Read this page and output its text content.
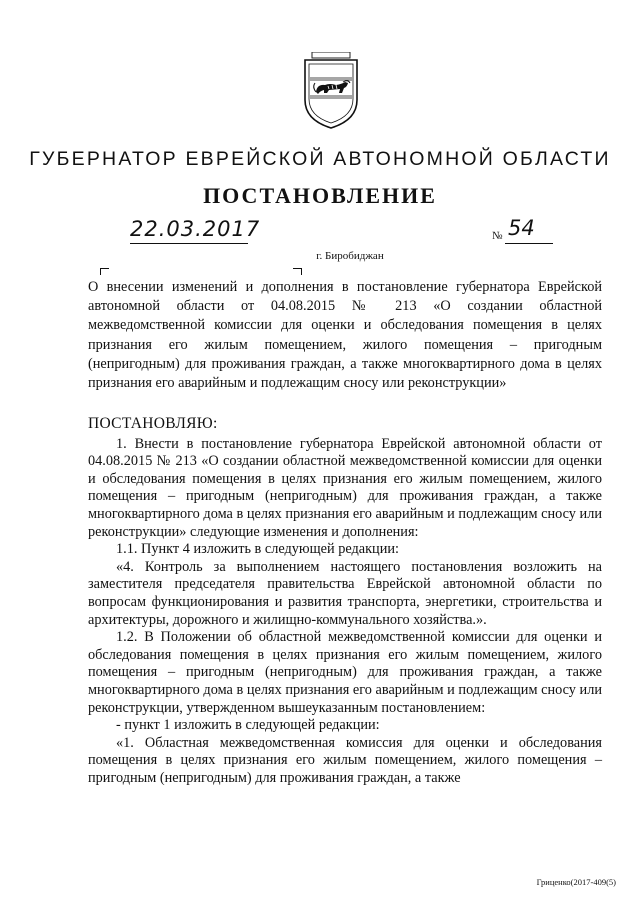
ГУБЕРНАТОР ЕВРЕЙСКОЙ АВТОНОМНОЙ ОБЛАСТИ
ПОСТАНОВЛЕНИЕ
22.03.2017	№ 54
г. Биробиджан
О внесении изменений и дополнения в постановление губернатора Еврейской автономной области от 04.08.2015 № 213 «О создании областной межведомственной комиссии для оценки и обследования помещения в целях признания его жилым помещением, жилого помещения – пригодным (непригодным) для проживания граждан, а также многоквартирного дома в целях признания его аварийным и подлежащим сносу или реконструкции»
ПОСТАНОВЛЯЮ:

1. Внести в постановление губернатора Еврейской автономной области от 04.08.2015 № 213 «О создании областной межведомственной комиссии для оценки и обследования помещения в целях признания его жилым помещением, жилого помещения – пригодным (непригодным) для проживания граждан, а также многоквартирного дома в целях признания его аварийным и подлежащим сносу или реконструкции» следующие изменения и дополнения:

1.1. Пункт 4 изложить в следующей редакции:

«4. Контроль за выполнением настоящего постановления возложить на заместителя председателя правительства Еврейской автономной области по вопросам функционирования и развития транспорта, энергетики, строительства и архитектуры, дорожного и жилищно-коммунального хозяйства.».

1.2. В Положении об областной межведомственной комиссии для оценки и обследования помещения в целях признания его жилым помещением, жилого помещения – пригодным (непригодным) для проживания граждан, а также многоквартирного дома в целях признания его аварийным и подлежащим сносу или реконструкции, утвержденном вышеуказанным постановлением:

- пункт 1 изложить в следующей редакции:

«1. Областная межведомственная комиссия для оценки и обследования помещения в целях признания его жилым помещением, жилого помещения – пригодным (непригодным) для проживания граждан, а также

Гриценко(2017-409(5)
